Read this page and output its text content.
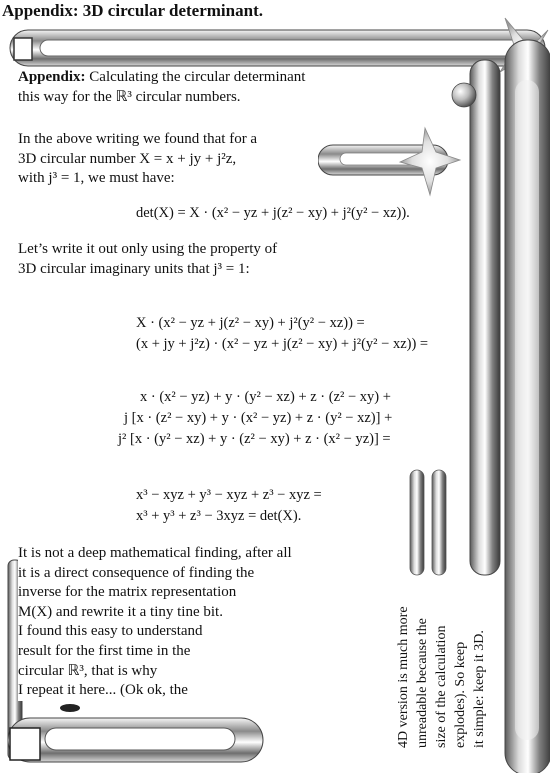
Appendix: 3D circular determinant.
Appendix: Calculating the circular determinant
this way for the ℝ³ circular numbers.
In the above writing we found that for a
3D circular number X = x + jy + j²z,
with j³ = 1, we must have:
det(X) = X · (x² − yz + j(z² − xy) + j²(y² − xz)).
Let’s write it out only using the property of
3D circular imaginary units that j³ = 1:
X · (x² − yz + j(z² − xy) + j²(y² − xz)) =
(x + jy + j²z) · (x² − yz + j(z² − xy) + j²(y² − xz)) =
x · (x² − yz) + y · (y² − xz) + z · (z² − xy) +
j [x · (z² − xy) + y · (x² − yz) + z · (y² − xz)] +
j² [x · (y² − xz) + y · (z² − xy) + z · (x² − yz)] =
x³ − xyz + y³ − xyz + z³ − xyz =
x³ + y³ + z³ − 3xyz = det(X).
It is not a deep mathematical finding, after all
it is a direct consequence of finding the
inverse for the matrix representation
M(X) and rewrite it a tiny tine bit.
I found this easy to understand
result for the first time in the
circular ℝ³, that is why
I repeat it here... (Ok ok, the	4D version is much more unreadable because the size of the calculation explodes). So keep it simple: keep it 3D.
